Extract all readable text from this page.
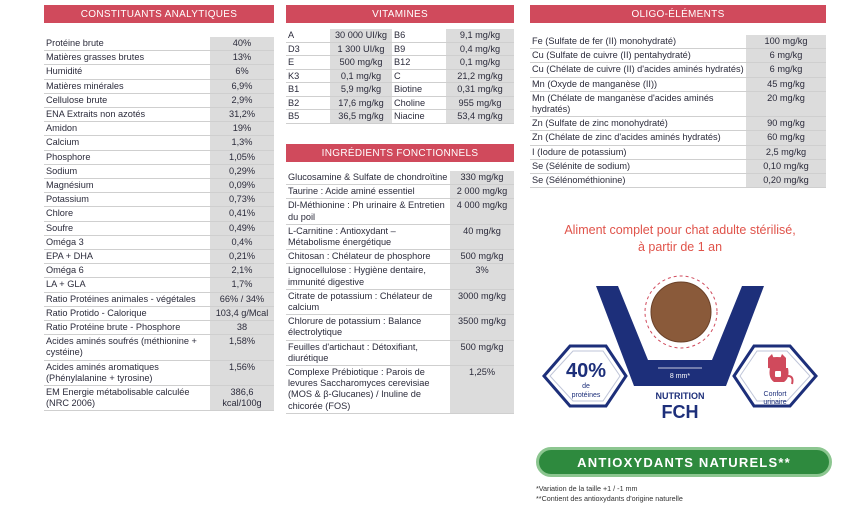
CONSTITUANTS ANALYTIQUES	VITAMINES	OLIGO-ÉLÉMENTS
INGRÉDIENTS FONCTIONNELS
Protéine brute	40%
Matières grasses brutes	13%
Humidité	6%
Matières minérales	6,9%
Cellulose brute	2,9%
ENA Extraits non azotés	31,2%
Amidon	19%
Calcium	1,3%
Phosphore	1,05%
Sodium	0,29%
Magnésium	0,09%
Potassium	0,73%
Chlore	0,41%
Soufre	0,49%
Oméga 3	0,4%
EPA + DHA	0,21%
Oméga 6	2,1%
LA + GLA	1,7%
Ratio Protéines animales - végétales	66% / 34%
Ratio Protido - Calorique	103,4 g/Mcal
Ratio Protéine brute - Phosphore	38
Acides aminés soufrés (méthionine + cystéine)
1,58%
Acides aminés aromatiques (Phénylalanine + tyrosine)
1,56%
EM Energie métabolisable calculée (NRC 2006)
386,6 kcal/100g
A	30 000 UI/kg B6	9,1 mg/kg
D3	1 300 UI/kg	B9	0,4 mg/kg
E	500 mg/kg	B12	0,1 mg/kg
K3	0,1 mg/kg	C	21,2 mg/kg
B1	5,9 mg/kg	Biotine	0,31 mg/kg
B2	17,6 mg/kg	Choline	955 mg/kg
B5	36,5 mg/kg	Niacine	53,4 mg/kg
Glucosamine & Sulfate de chondroïtine	330 mg/kg
Taurine : Acide aminé essentiel	2 000 mg/kg
Dl-Méthionine : Ph urinaire & Entretien du poil
4 000 mg/kg
L-Carnitine : Antioxydant – Métabolisme énergétique
40 mg/kg
Chitosan : Chélateur de phosphore	500 mg/kg
Lignocellulose : Hygiène dentaire, immunité digestive
3%
Citrate de potassium : Chélateur de calcium
3000 mg/kg
Chlorure de potassium : Balance électrolytique
3500 mg/kg
Feuilles d'artichaut : Détoxifiant, diurétique
500 mg/kg
Complexe Prébiotique : Parois de levures Saccharomyces cerevisiae (MOS & β-Glucanes) / Inuline de chicorée (FOS)
1,25%
Fe (Sulfate de fer (II) monohydraté)	100 mg/kg
Cu (Sulfate de cuivre (II) pentahydraté)	6 mg/kg
Cu (Chélate de cuivre (II) d'acides aminés hydratés)	6 mg/kg
Mn (Oxyde de manganèse (II))	45 mg/kg
Mn (Chélate de manganèse d'acides aminés hydratés)
20 mg/kg
Zn (Sulfate de zinc monohydraté)	90 mg/kg
Zn (Chélate de zinc d'acides aminés hydratés)	60 mg/kg
I (Iodure de potassium)	2,5 mg/kg
Se (Sélénite de sodium)	0,10 mg/kg
Se (Sélénométhionine)	0,20 mg/kg
Aliment complet pour chat adulte stérilisé,
à partir de 1 an
8 mm*
40%
de
protéines	Confort
urinaire
NUTRITION
FCH
ANTIOXYDANTS NATURELS**
*Variation de la taille +1 / -1 mm
**Contient des antioxydants d'origine naturelle
